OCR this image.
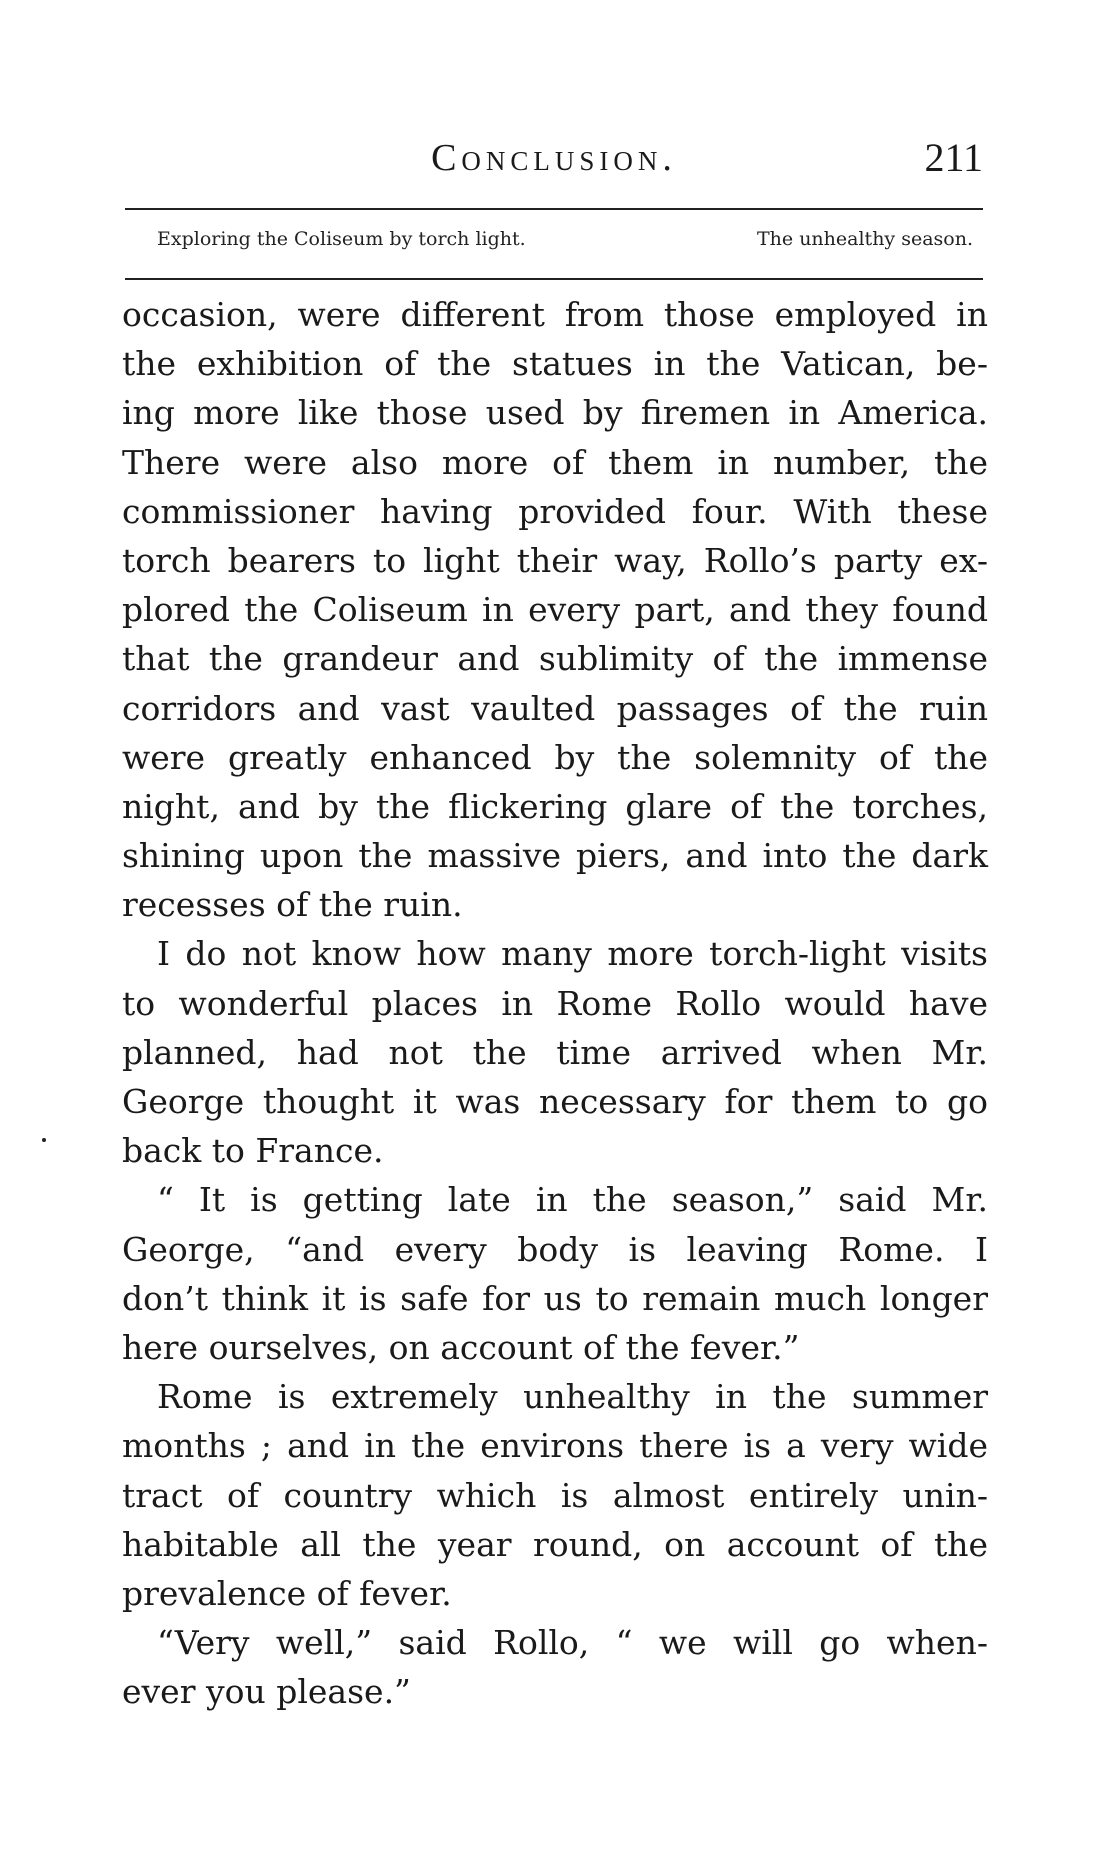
Conclusion.	211
Exploring the Coliseum by torch light.	The unhealthy season.
occasion, were different from those employed in
the exhibition of the statues in the Vatican, be-
ing more like those used by firemen in America.
There were also more of them in number, the
commissioner having provided four. With these
torch bearers to light their way, Rollo’s party ex-
plored the Coliseum in every part, and they found
that the grandeur and sublimity of the immense
corridors and vast vaulted passages of the ruin
were greatly enhanced by the solemnity of the
night, and by the flickering glare of the torches,
shining upon the massive piers, and into the dark
recesses of the ruin.
I do not know how many more torch-light visits
to wonderful places in Rome Rollo would have
planned, had not the time arrived when Mr.
George thought it was necessary for them to go
back to France.
“ It is getting late in the season,” said Mr.
George, “and every body is leaving Rome. I
don’t think it is safe for us to remain much longer
here ourselves, on account of the fever.”
Rome is extremely unhealthy in the summer
months ; and in the environs there is a very wide
tract of country which is almost entirely unin-
habitable all the year round, on account of the
prevalence of fever.
“Very well,” said Rollo, “ we will go when-
ever you please.”
